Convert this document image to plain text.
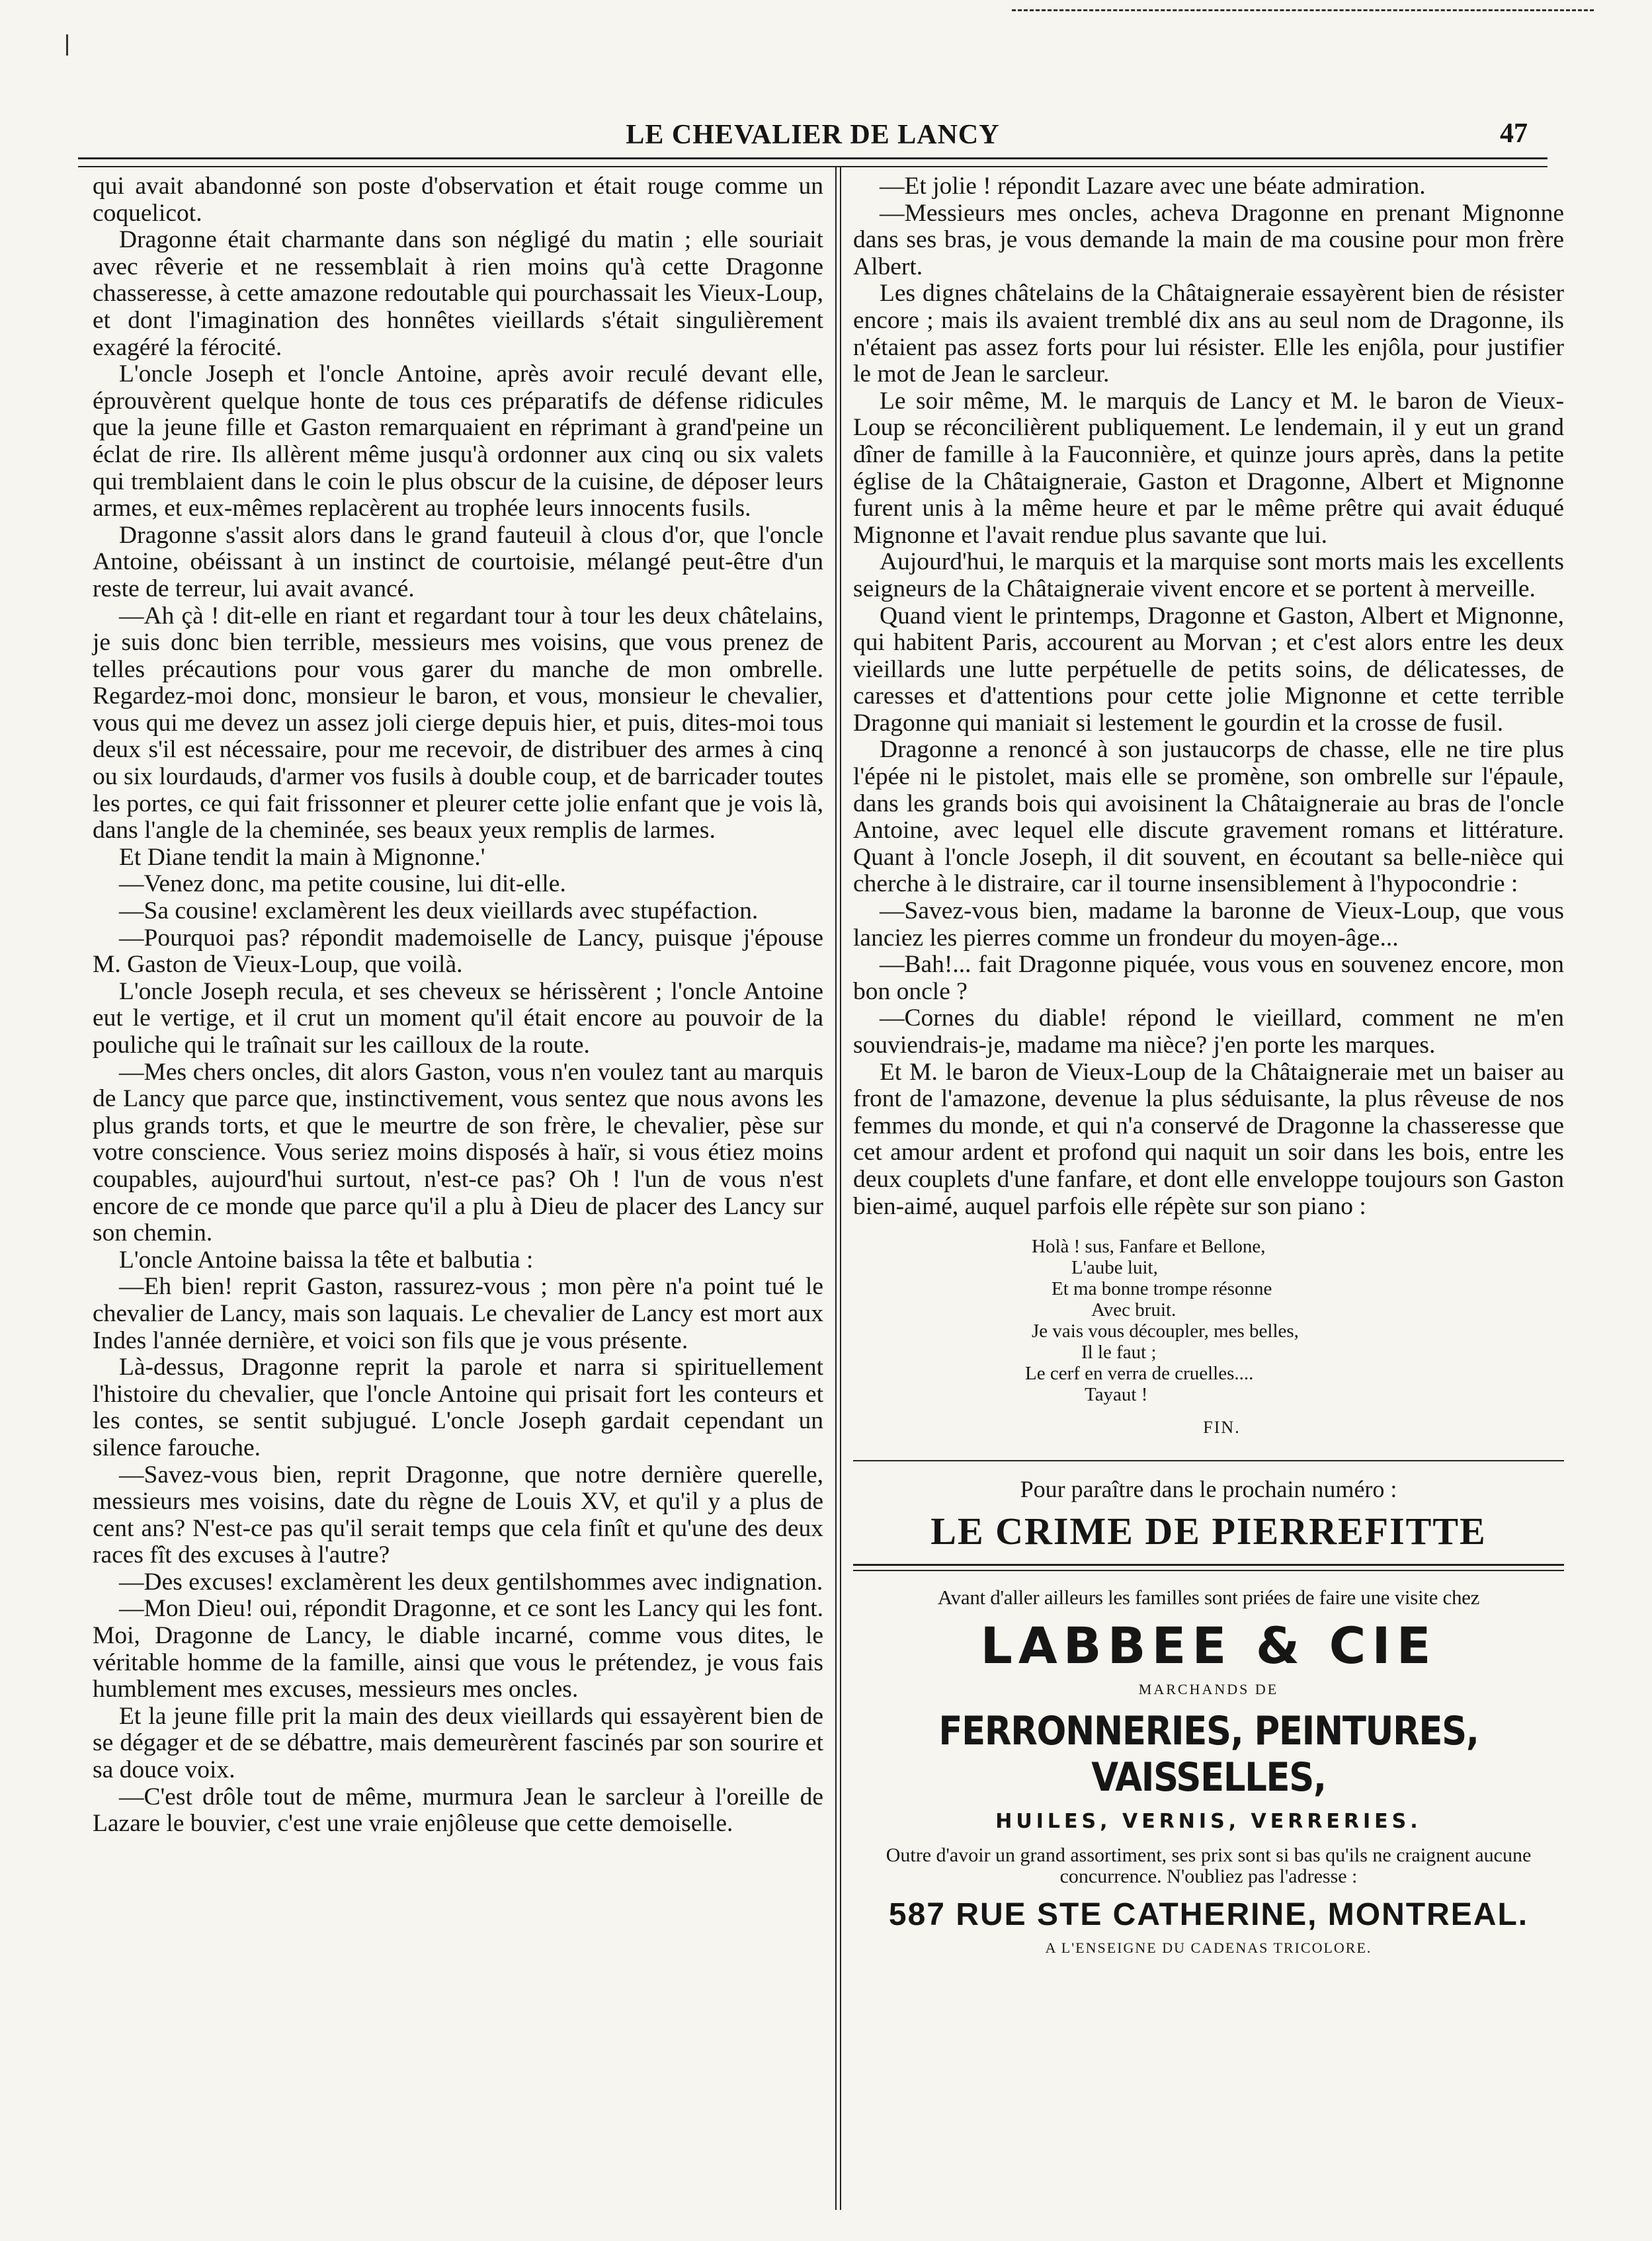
LE CHEVALIER DE LANCY	47

qui avait abandonné son poste d'observation et était rouge comme un coquelicot.

Dragonne était charmante dans son négligé du matin ; elle souriait avec rêverie et ne ressemblait à rien moins qu'à cette Dragonne chasseresse, à cette amazone redoutable qui pourchassait les Vieux-Loup, et dont l'imagination des honnêtes vieillards s'était singulièrement exagéré la férocité.

L'oncle Joseph et l'oncle Antoine, après avoir reculé devant elle, éprouvèrent quelque honte de tous ces préparatifs de défense ridicules que la jeune fille et Gaston remarquaient en réprimant à grand'peine un éclat de rire. Ils allèrent même jusqu'à ordonner aux cinq ou six valets qui tremblaient dans le coin le plus obscur de la cuisine, de déposer leurs armes, et eux-mêmes replacèrent au trophée leurs innocents fusils.

Dragonne s'assit alors dans le grand fauteuil à clous d'or, que l'oncle Antoine, obéissant à un instinct de courtoisie, mélangé peut-être d'un reste de terreur, lui avait avancé.

—Ah çà ! dit-elle en riant et regardant tour à tour les deux châtelains, je suis donc bien terrible, messieurs mes voisins, que vous prenez de telles précautions pour vous garer du manche de mon ombrelle. Regardez-moi donc, monsieur le baron, et vous, monsieur le chevalier, vous qui me devez un assez joli cierge depuis hier, et puis, dites-moi tous deux s'il est nécessaire, pour me recevoir, de distribuer des armes à cinq ou six lourdauds, d'armer vos fusils à double coup, et de barricader toutes les portes, ce qui fait frissonner et pleurer cette jolie enfant que je vois là, dans l'angle de la cheminée, ses beaux yeux remplis de larmes.

Et Diane tendit la main à Mignonne.'

—Venez donc, ma petite cousine, lui dit-elle.

—Sa cousine! exclamèrent les deux vieillards avec stupéfaction.

—Pourquoi pas? répondit mademoiselle de Lancy, puisque j'épouse M. Gaston de Vieux-Loup, que voilà.

L'oncle Joseph recula, et ses cheveux se hérissèrent ; l'oncle Antoine eut le vertige, et il crut un moment qu'il était encore au pouvoir de la pouliche qui le traînait sur les cailloux de la route.

—Mes chers oncles, dit alors Gaston, vous n'en voulez tant au marquis de Lancy que parce que, instinctivement, vous sentez que nous avons les plus grands torts, et que le meurtre de son frère, le chevalier, pèse sur votre conscience. Vous seriez moins disposés à haïr, si vous étiez moins coupables, aujourd'hui surtout, n'est-ce pas? Oh ! l'un de vous n'est encore de ce monde que parce qu'il a plu à Dieu de placer des Lancy sur son chemin.

L'oncle Antoine baissa la tête et balbutia :

—Eh bien! reprit Gaston, rassurez-vous ; mon père n'a point tué le chevalier de Lancy, mais son laquais. Le chevalier de Lancy est mort aux Indes l'année dernière, et voici son fils que je vous présente.

Là-dessus, Dragonne reprit la parole et narra si spirituellement l'histoire du chevalier, que l'oncle Antoine qui prisait fort les conteurs et les contes, se sentit subjugué. L'oncle Joseph gardait cependant un silence farouche.

—Savez-vous bien, reprit Dragonne, que notre dernière querelle, messieurs mes voisins, date du règne de Louis XV, et qu'il y a plus de cent ans? N'est-ce pas qu'il serait temps que cela finît et qu'une des deux races fît des excuses à l'autre?

—Des excuses! exclamèrent les deux gentilshommes avec indignation.

—Mon Dieu! oui, répondit Dragonne, et ce sont les Lancy qui les font. Moi, Dragonne de Lancy, le diable incarné, comme vous dites, le véritable homme de la famille, ainsi que vous le prétendez, je vous fais humblement mes excuses, messieurs mes oncles.

Et la jeune fille prit la main des deux vieillards qui essayèrent bien de se dégager et de se débattre, mais demeurèrent fascinés par son sourire et sa douce voix.

—C'est drôle tout de même, murmura Jean le sarcleur à l'oreille de Lazare le bouvier, c'est une vraie enjôleuse que cette demoiselle.

—Et jolie ! répondit Lazare avec une béate admiration.

—Messieurs mes oncles, acheva Dragonne en prenant Mignonne dans ses bras, je vous demande la main de ma cousine pour mon frère Albert.

Les dignes châtelains de la Châtaigneraie essayèrent bien de résister encore ; mais ils avaient tremblé dix ans au seul nom de Dragonne, ils n'étaient pas assez forts pour lui résister. Elle les enjôla, pour justifier le mot de Jean le sarcleur.

Le soir même, M. le marquis de Lancy et M. le baron de Vieux-Loup se réconcilièrent publiquement. Le lendemain, il y eut un grand dîner de famille à la Fauconnière, et quinze jours après, dans la petite église de la Châtaigneraie, Gaston et Dragonne, Albert et Mignonne furent unis à la même heure et par le même prêtre qui avait éduqué Mignonne et l'avait rendue plus savante que lui.

Aujourd'hui, le marquis et la marquise sont morts mais les excellents seigneurs de la Châtaigneraie vivent encore et se portent à merveille.

Quand vient le printemps, Dragonne et Gaston, Albert et Mignonne, qui habitent Paris, accourent au Morvan ; et c'est alors entre les deux vieillards une lutte perpétuelle de petits soins, de délicatesses, de caresses et d'attentions pour cette jolie Mignonne et cette terrible Dragonne qui maniait si lestement le gourdin et la crosse de fusil.

Dragonne a renoncé à son justaucorps de chasse, elle ne tire plus l'épée ni le pistolet, mais elle se promène, son ombrelle sur l'épaule, dans les grands bois qui avoisinent la Châtaigneraie au bras de l'oncle Antoine, avec lequel elle discute gravement romans et littérature. Quant à l'oncle Joseph, il dit souvent, en écoutant sa belle-nièce qui cherche à le distraire, car il tourne insensiblement à l'hypocondrie :

—Savez-vous bien, madame la baronne de Vieux-Loup, que vous lanciez les pierres comme un frondeur du moyen-âge...

—Bah!... fait Dragonne piquée, vous vous en souvenez encore, mon bon oncle ?

—Cornes du diable! répond le vieillard, comment ne m'en souviendrais-je, madame ma nièce? j'en porte les marques.

Et M. le baron de Vieux-Loup de la Châtaigneraie met un baiser au front de l'amazone, devenue la plus séduisante, la plus rêveuse de nos femmes du monde, et qui n'a conservé de Dragonne la chasseresse que cet amour ardent et profond qui naquit un soir dans les bois, entre les deux couplets d'une fanfare, et dont elle enveloppe toujours son Gaston bien-aimé, auquel parfois elle répète sur son piano :

Holà ! sus, Fanfare et Bellone,
L'aube luit,
Et ma bonne trompe résonne
Avec bruit.
Je vais vous découpler, mes belles,
Il le faut ;
Le cerf en verra de cruelles....
Tayaut !
FIN.
Pour paraître dans le prochain numéro :
LE CRIME DE PIERREFITTE
Avant d'aller ailleurs les familles sont priées de faire une visite chez
LABBEE & CIE
MARCHANDS DE
FERRONNERIES, PEINTURES, VAISSELLES,
HUILES, VERNIS, VERRERIES.
Outre d'avoir un grand assortiment, ses prix sont si bas qu'ils ne craignent aucune concurrence. N'oubliez pas l'adresse :
587 RUE STE CATHERINE, MONTREAL.
A L'ENSEIGNE DU CADENAS TRICOLORE.
